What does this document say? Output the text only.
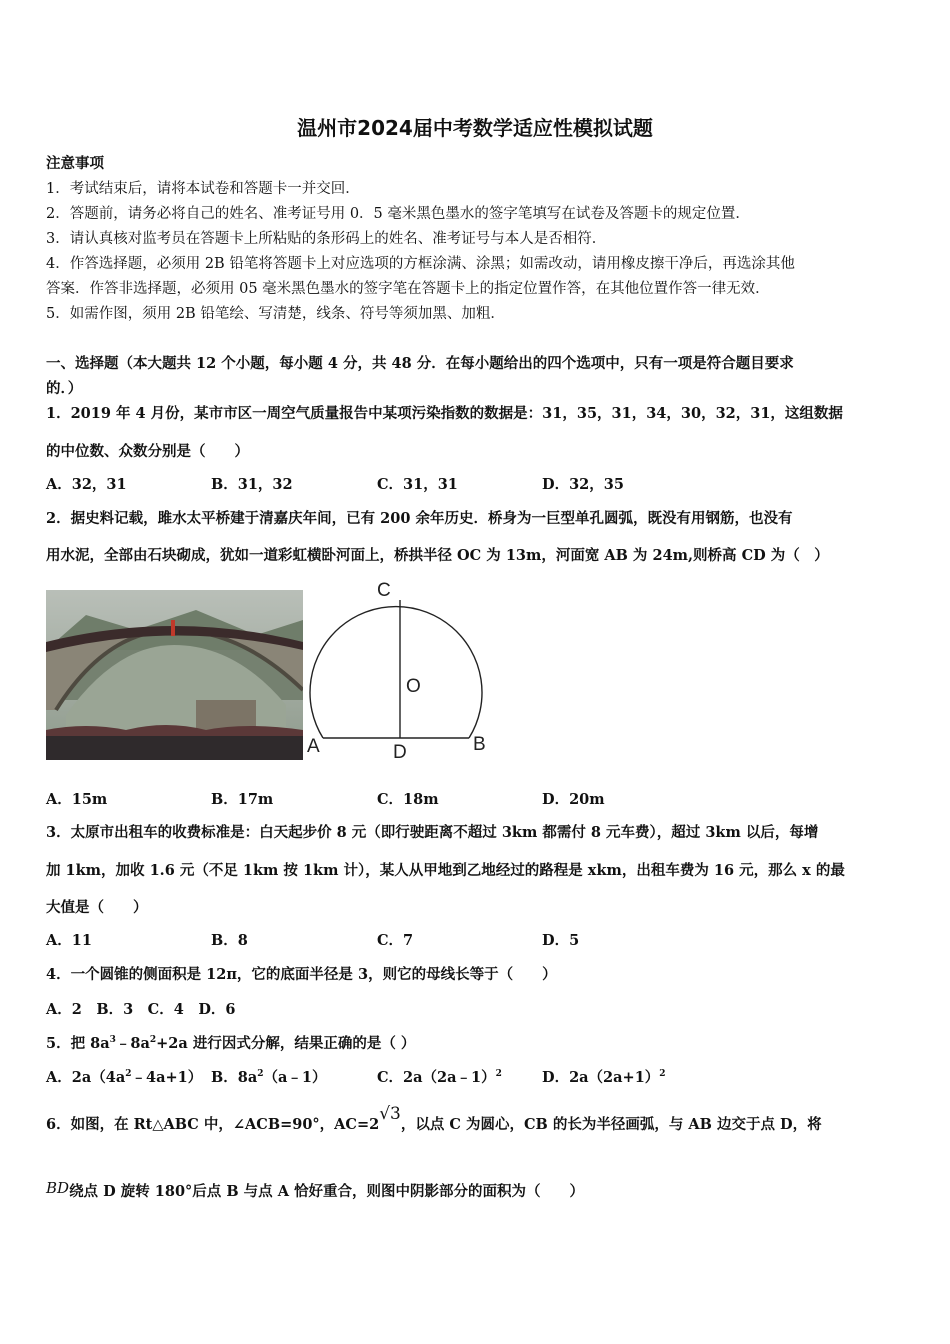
温州市2024届中考数学适应性模拟试题
注意事项
1．考试结束后，请将本试卷和答题卡一并交回．
2．答题前，请务必将自己的姓名、准考证号用 0．5 毫米黑色墨水的签字笔填写在试卷及答题卡的规定位置．
3．请认真核对监考员在答题卡上所粘贴的条形码上的姓名、准考证号与本人是否相符．
4．作答选择题，必须用 2B 铅笔将答题卡上对应选项的方框涂满、涂黑；如需改动，请用橡皮擦干净后，再选涂其他
答案．作答非选择题，必须用 05 毫米黑色墨水的签字笔在答题卡上的指定位置作答，在其他位置作答一律无效．
5．如需作图，须用 2B 铅笔绘、写清楚，线条、符号等须加黑、加粗．
一、选择题（本大题共 12 个小题，每小题 4 分，共 48 分．在每小题给出的四个选项中，只有一项是符合题目要求
的．）
1．2019 年 4 月份，某市市区一周空气质量报告中某项污染指数的数据是：31，35，31，34，30，32，31，这组数据
的中位数、众数分别是（　　）
A．32，31	B．31，32	C．31，31	D．32，35
2．据史料记载，雎水太平桥建于清嘉庆年间，已有 200 余年历史．桥身为一巨型单孔圆弧，既没有用钢筋，也没有
用水泥，全部由石块砌成，犹如一道彩虹横卧河面上，桥拱半径 OC 为 13m，河面宽 AB 为 24m,则桥高 CD 为（　）
C
O
A	D	B
A．15m	B．17m	C．18m	D．20m
3．太原市出租车的收费标准是：白天起步价 8 元（即行驶距离不超过 3km 都需付 8 元车费），超过 3km 以后，每增
加 1km，加收 1.6 元（不足 1km 按 1km 计），某人从甲地到乙地经过的路程是 xkm，出租车费为 16 元，那么 x 的最
大值是（　　）
A．11	B．8	C．7	D．5
4．一个圆锥的侧面积是 12π，它的底面半径是 3，则它的母线长等于（　　）
A．2　B．3　C．4　D．6
5．把 $8a^3﹣8a^2+2a$ 进行因式分解，结果正确的是（ ）
A．$2a(4a^2﹣4a+1)$ B．$8a^2(a﹣1)$	C．2a（2a﹣1）$^2$	D．$2a(2a+1)^2$
6．如图，在 Rt△ABC 中，∠ACB=90°，AC=2√3，以点 C 为圆心，CB 的长为半径画弧，与 AB 边交于点 D，将
BD绕点 D 旋转 180°后点 B 与点 A 恰好重合，则图中阴影部分的面积为（　　）
